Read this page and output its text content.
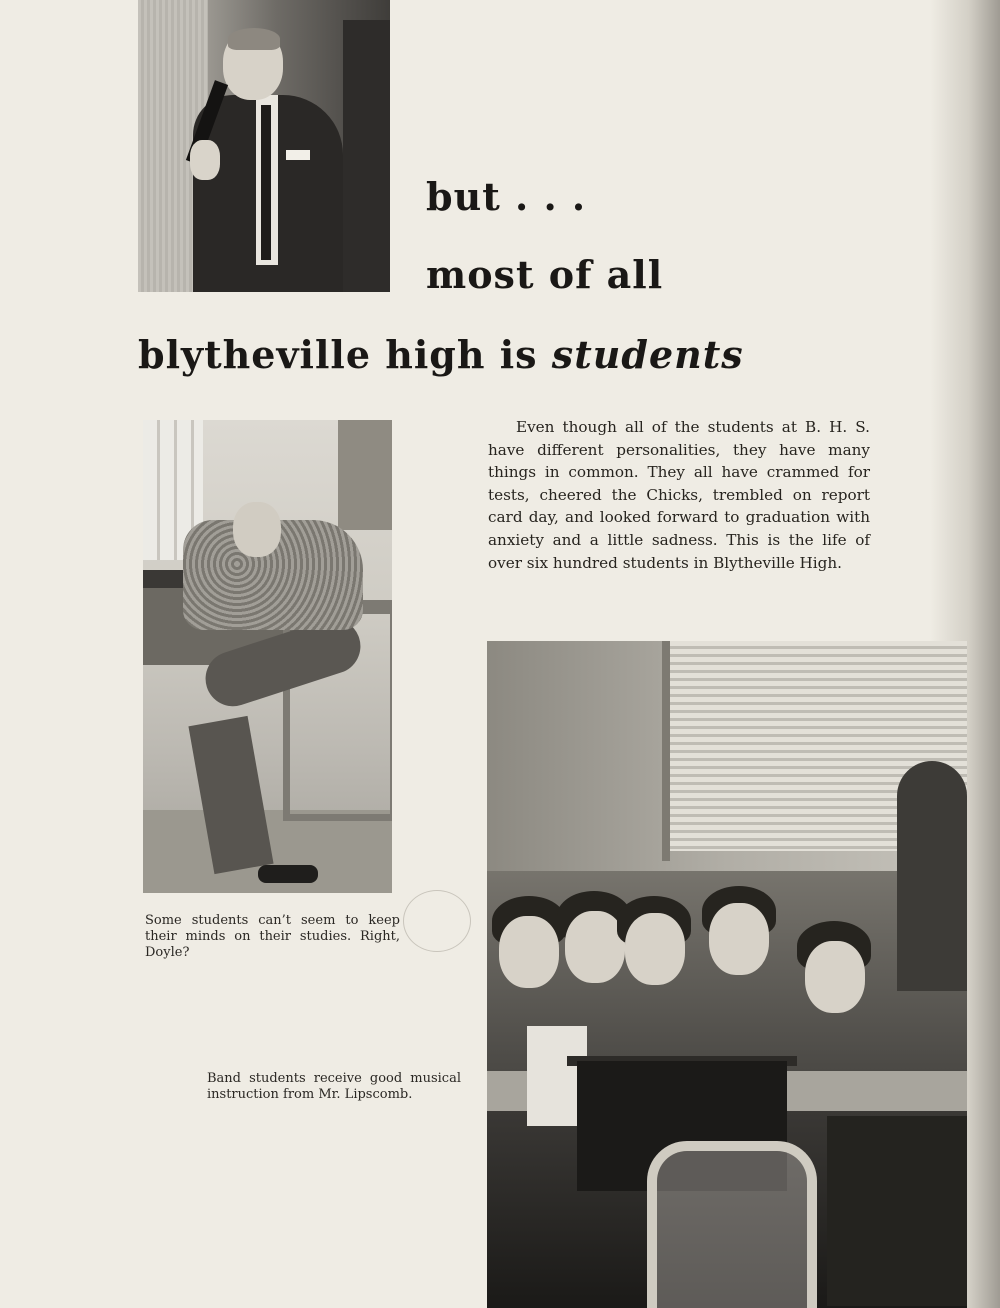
but . . .
most of all
blytheville high is students

Even though all of the students at B. H. S. have different personalities, they have many things in common. They all have crammed for tests, cheered the Chicks, trembled on report card day, and looked forward to graduation with anxiety and a little sadness. This is the life of over six hundred students in Blytheville High.

Some students can’t seem to keep their minds on their studies. Right, Doyle?

Band students receive good musical instruction from Mr. Lipscomb.
